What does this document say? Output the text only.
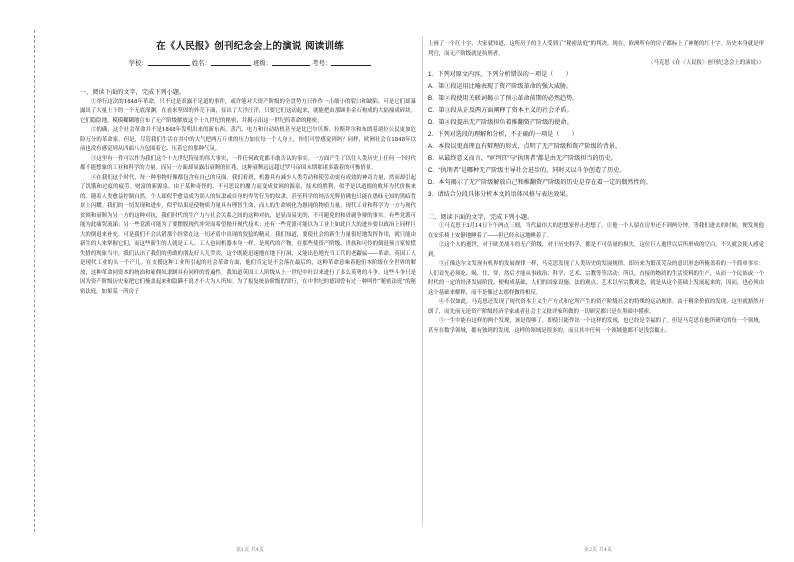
在《人民报》创刊纪念会上的演说 阅读训练
学校：	姓名：	班级：	考号：
一、阅读下面的文字，完成下列小题。

①举行这次的1848年革命，只不过是表露不足道的事件，或许能对大资产阶级的全盘势力只作作一击细小的裂口和缺陷。可是它们却暴露出了大量土下的一个无底深渊。在看来坚固的外壳下面，显出了大洋汪洋，只要它们这动起来，就能把由那顾非金石构成的大陆撞成碎块。它们隐隐地、模模糊糊地宣布了无产阶级解放这个十九世纪的秘密，并揭示出这一世纪的革命的秘密。

②的确，这个社会革命并不是1848年发明出来的新东西。蒸汽、电力和自动纺机甚至是比巴尔贝斯、拉斯拜尔和布朗基诸位公民更加危险万分的革命家。但是，尽管我们生活在其中的大气把两万斤重的压力加在每一个人身上，你们可曾感觉到吗？同样，欧洲社会在1848年以前也没有感觉到从四面八方包围着它、压着它的那种气氛。

③这里有一件可以作为我们这个十九世纪特征的伟大事实，一件任何政党都不敢否认的事实。一方面产生了以往人类历史上任何一个时代都不能想象的工业和科学的力量。而另一方面却显露出衰颓的征兆，这种衰颓远远超过罗马帝国末期那诸多载着的可怖情景。

④在我们这个时代，每一种事物好像都包含有自己的反面。我们看到，机器具有减少人类劳动和使劳动更有成效的神奇力量，然而却引起了饥饿和过度的疲劳。财富的新源泉，由于某种奇怪的、不可思议的魔力而变成贫困的源泉。技术的胜利，似乎是以道德的败坏为代价换来的。随着人类愈益控制自然，个人却似乎愈益成为别人的奴隶或自身的卑劣行为的奴隶。甚至科学的纯洁光辉仿佛也只能在愚昧无知的黑暗背景上闪耀。我们的一切发现和进步，似乎结果是使物质力量具有理智生命，而人的生命则化为愚钝的物质力量。现代工业和科学为一方与现代贫困和衰颓为另一方的这种对抗，我们时代的生产力与社会关系之间的这种对抗，是显而易见的、不可避免的和毋庸争辩的事实。有些党派可能为此痛哭流涕；另一些党派可能为了要摆脱现代冲突而希望抛开现代技术；还有一些党派可能以为工业上如此巨大的进步要以政治上同样巨大的倒退来补充。可是我们不会认错那个经常在这一切矛盾中出现的狡狯的精灵。我们知道，要使社会的新生力量很好地发挥作用，就只能由新生的人来掌握它们，而这些新生的人就是工人。工人也同机器本身一样，是现代的产物。在那些使资产阶级、贵族和可怜的倒退预言家惊慌失措的现象当中，我们认出了我们的勇敢的朋友好人儿罗宾，这个既能迅速地在地下打洞、又能出色地充当工兵的老鼹鼠——革命。英国工人是现代工业的头一个产儿。在支援这种工业所引起的社会革命方面，他们肯定是不会落在最后的，这种革命意味着他们本阶级在全世界的解放，这种革命同资本的统治和雇佣奴隶制具有同样的普遍性。我知道英国工人阶级从上一世纪中叶以来进行了多么英勇的斗争，这些斗争只是因为资产阶级历史家把它们掩盖起来和隐瞒不说才不大为人所知。为了报复统治阶级的罪行，在中世纪的德国曾有过一种叫作“秘密法庭”的秘密法庭。如果某一所房子

上画了一个红十字，大家就知道，这所房子的主人受到了“秘密法庭”的判决。现在，欧洲所有的房子都标上了神秘的红十字。历史本身就是审判官，而无产阶级就是执刑者。

（马克思《在〈人民报〉创刊纪念会上的演说》）

1．下列对原文内容，下列分析错误的一项是（　　）

A．第①段运用比喻表现了资产阶级革命的强大威胁。

B．第②段使用关联词揭示了预示革命前期的必然趋势。

C．第③段从正反两方面阐释了资本主义的社会矛盾。

D．第④段提出无产阶级担负着推翻资产阶级的使命。

2．下列对选段的理解和分析，不正确的一项是（　　）

A．本段以更真理直有辩理的形式，点明了无产阶级和资产阶级的背景。

B．从最终意义而言，“审判官”与“执刑者”都是由无产阶级担当的历史。

C．“执刑者”是哪种无产阶级主导社会进步的，同时又以斗争创造了历史。

D．本句揭示了无产阶级解放自己和推翻资产阶级的历史是存在着一定的偶然性的。

3．请结合分段具体分析本文的语体风格与表达效果。

二、阅读下面的文字，完成下列小题。

①马克思于3月14日下午两点三刻，当代最伟大的思想家停止思想了。让他一个人留在房里还不到两分钟，等我们进去的时候，便发现他在安乐椅上安静地睡着了——但已经永远地睡着了。

②这个人的逝世，对于欧美战斗的无产阶级，对于历史科学，都是不可估量的损失。这位巨人逝世以后所形成的空白，不久就会使人感觉到。

③正像达尔文发现有机界的发展规律一样，马克思发现了人类历史的发展规律，即历来为繁茂芜杂的意识形态所掩盖着的一个简单事实：人们首先必须吃、喝、住、穿，然后才能从事政治、科学、艺术、宗教等等活动；所以，直接的物质的生活资料的生产，从而一个民族或一个时代的一定的经济发展阶段，便构成基础，人们的国家设施、法的观点、艺术以至宗教观念，就是从这个基础上发展起来的，因而，也必须由这个基础来解释，而不是像过去那样做得相反。

④不仅如此。马克思还发现了现代资本主义生产方式和它所产生的资产阶级社会的特殊的运动规律。由于剩余价值的发现，这里就豁然开朗了，而先前无论资产阶级经济学家或者社会主义批评家所做的一切研究都只是在黑暗中摸索。

⑤一生中能有这样的两个发现，该是很够了。即使只能作出一个这样的发现，也已经是幸福的了。但是马克思在他所研究的每一个领域，甚至在数学领域，都有独到的发现，这样的领域是很多的，而且其中任何一个领域他都不是浅尝辄止。

第1页 共4页	第2页 共4页
